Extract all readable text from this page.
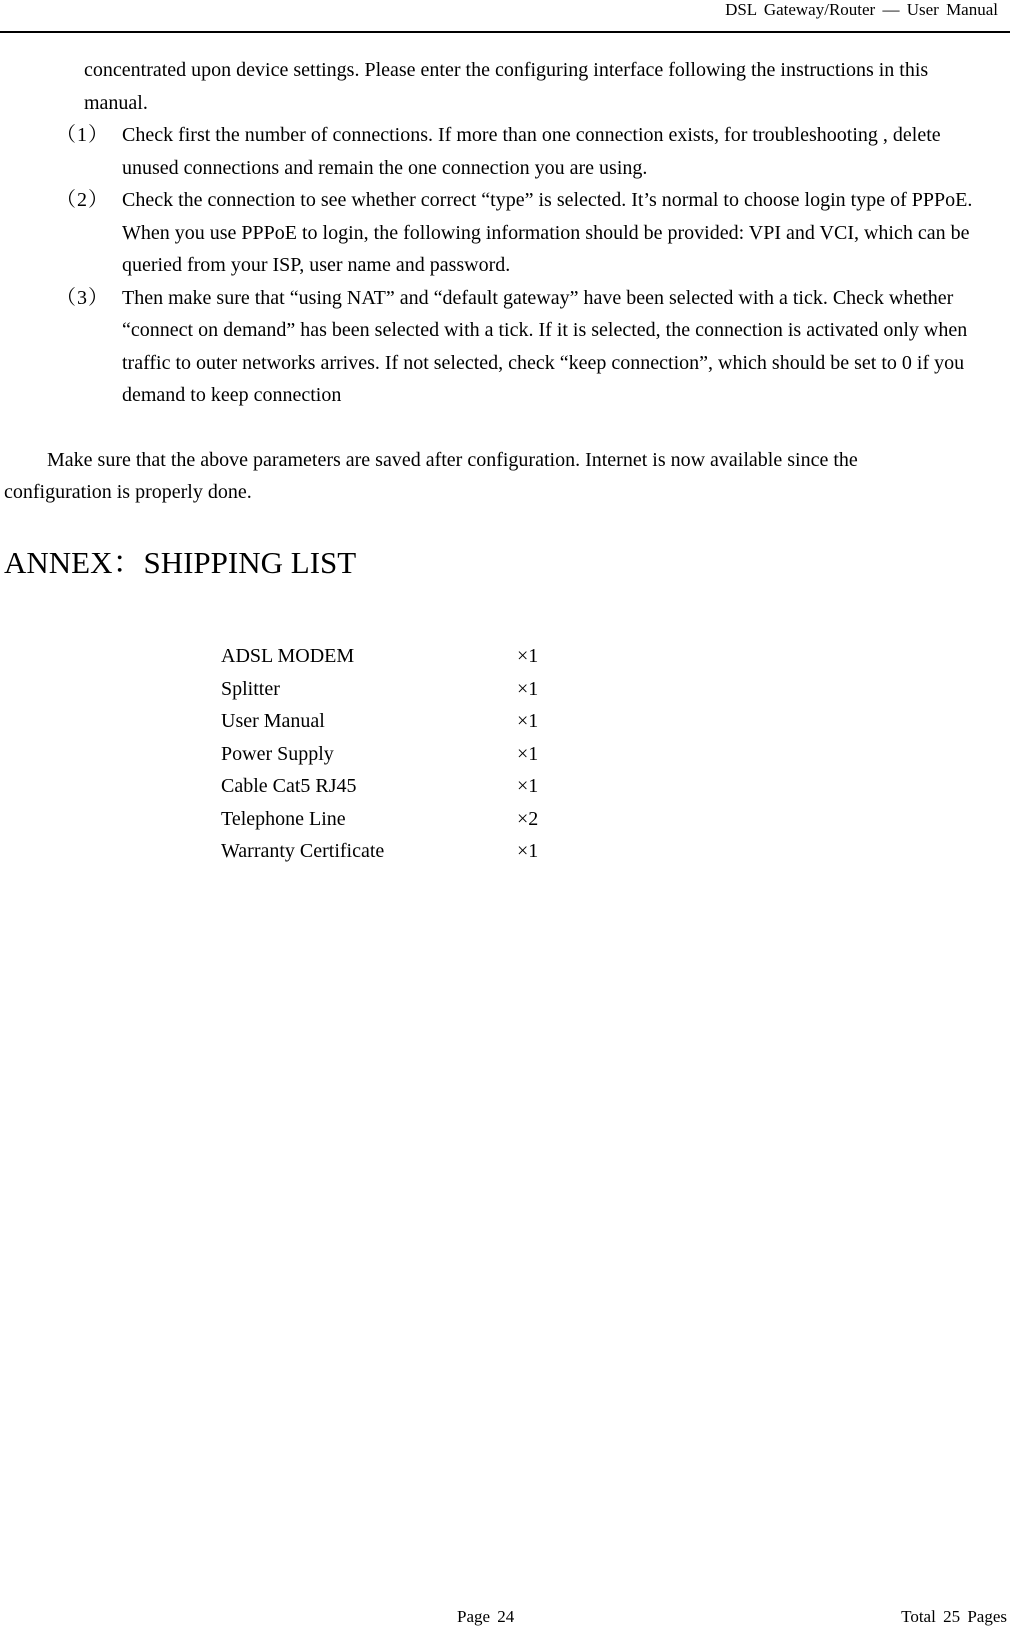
DSL Gateway/Router — User Manual

concentrated upon device settings. Please enter the configuring interface following the instructions in this manual.

（1） Check first the number of connections. If more than one connection exists, for troubleshooting , delete unused connections and remain the one connection you are using.
（2） Check the connection to see whether correct “type” is selected. It’s normal to choose login type of PPPoE. When you use PPPoE to login, the following information should be provided: VPI and VCI, which can be queried from your ISP, user name and password.
（3） Then make sure that “using NAT” and “default gateway” have been selected with a tick. Check whether “connect on demand” has been selected with a tick. If it is selected, the connection is activated only when traffic to outer networks arrives. If not selected, check “keep connection”, which should be set to 0 if you demand to keep connection

Make sure that the above parameters are saved after configuration. Internet is now available since the configuration is properly done.

ANNEX：SHIPPING LIST
ADSL MODEM	×1
Splitter	×1
User Manual	×1
Power Supply	×1
Cable Cat5 RJ45	×1
Telephone Line	×2
Warranty Certificate	×1
Page 24	Total 25 Pages
